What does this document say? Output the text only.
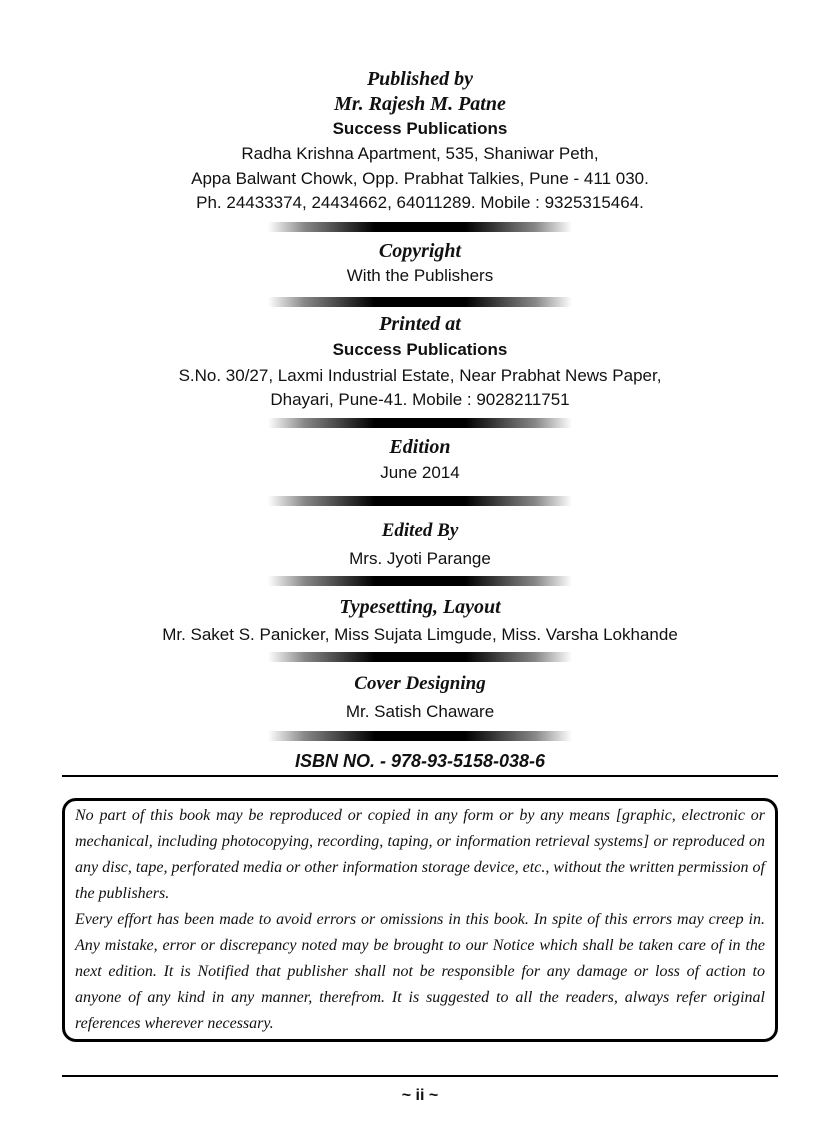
Published by
Mr. Rajesh M. Patne
Success Publications
Radha Krishna Apartment, 535, Shaniwar Peth,
Appa Balwant Chowk, Opp. Prabhat Talkies, Pune - 411 030.
Ph. 24433374, 24434662, 64011289. Mobile : 9325315464.
Copyright
With the Publishers
Printed at
Success Publications
S.No. 30/27, Laxmi Industrial Estate, Near Prabhat News Paper,
Dhayari, Pune-41. Mobile : 9028211751
Edition
June 2014
Edited By
Mrs. Jyoti Parange
Typesetting, Layout
Mr. Saket S. Panicker, Miss Sujata Limgude, Miss. Varsha Lokhande
Cover Designing
Mr. Satish Chaware
ISBN NO. - 978-93-5158-038-6

No part of this book may be reproduced or copied in any form or by any means [graphic, electronic or mechanical, including photocopying, recording, taping, or information retrieval systems] or reproduced on any disc, tape, perforated media or other information storage device, etc., without the written permission of the publishers.

Every effort has been made to avoid errors or omissions in this book. In spite of this errors may creep in. Any mistake, error or discrepancy noted may be brought to our Notice which shall be taken care of in the next edition. It is Notified that publisher shall not be responsible for any damage or loss of action to anyone of any kind in any manner, therefrom. It is suggested to all the readers, always refer original references wherever necessary.

~ ii ~
